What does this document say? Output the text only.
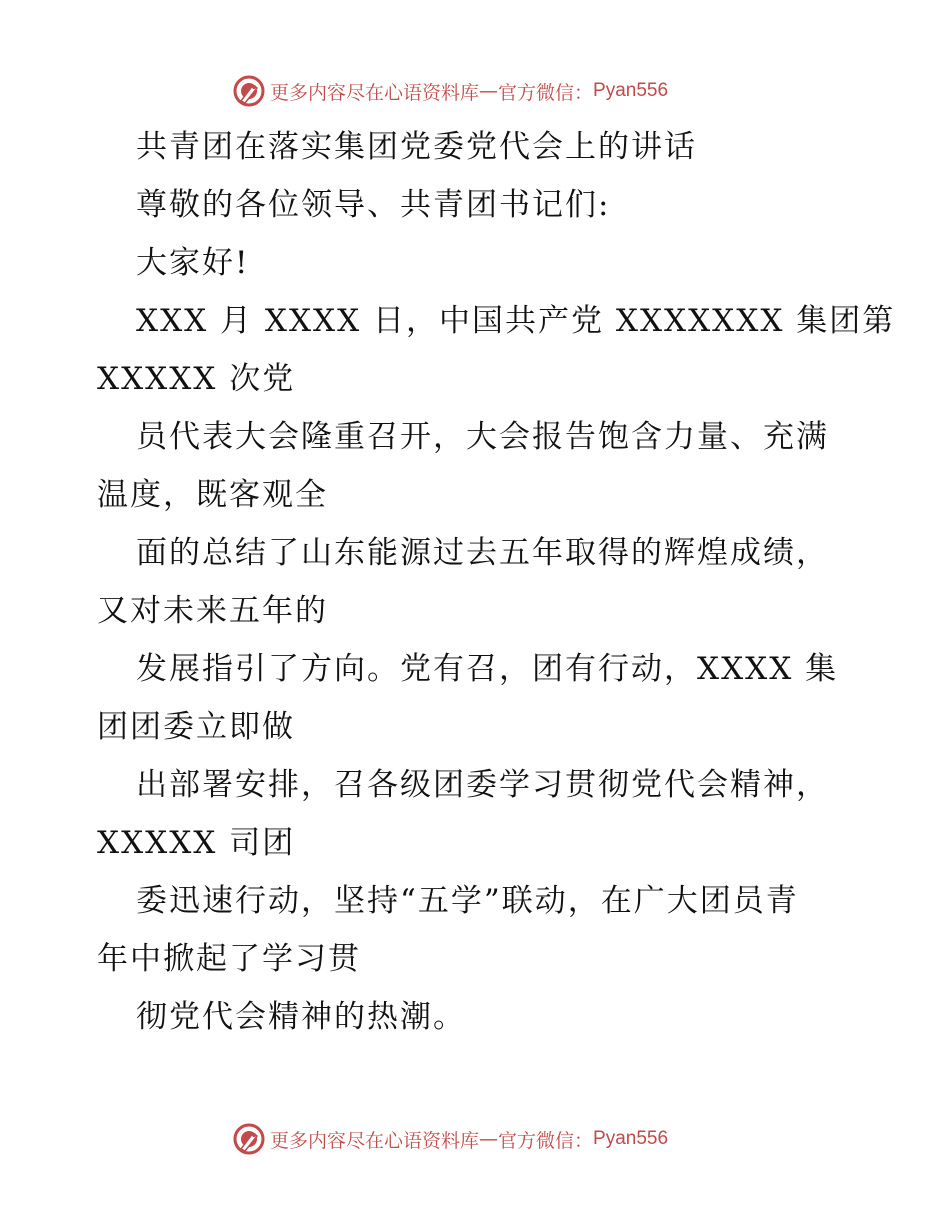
更多内容尽在心语资料库 — 官方微信： Pyan556
共青团在落实集团党委党代会上的讲话
尊敬的各位领导、共青团书记们:
大家好!
XXX 月 XXXX 日，中国共产党 XXXXXXX 集团第
XXXXX 次党
员代表大会隆重召开，大会报告饱含力量、充满
温度，既客观全
面的总结了山东能源过去五年取得的辉煌成绩，
又对未来五年的
发展指引了方向。党有召，团有行动，XXXX 集
团团委立即做
出部署安排，召各级团委学习贯彻党代会精神，
XXXXX 司团
委迅速行动，坚持“五学”联动，在广大团员青
年中掀起了学习贯
彻党代会精神的热潮。
更多内容尽在心语资料库 — 官方微信： Pyan556
